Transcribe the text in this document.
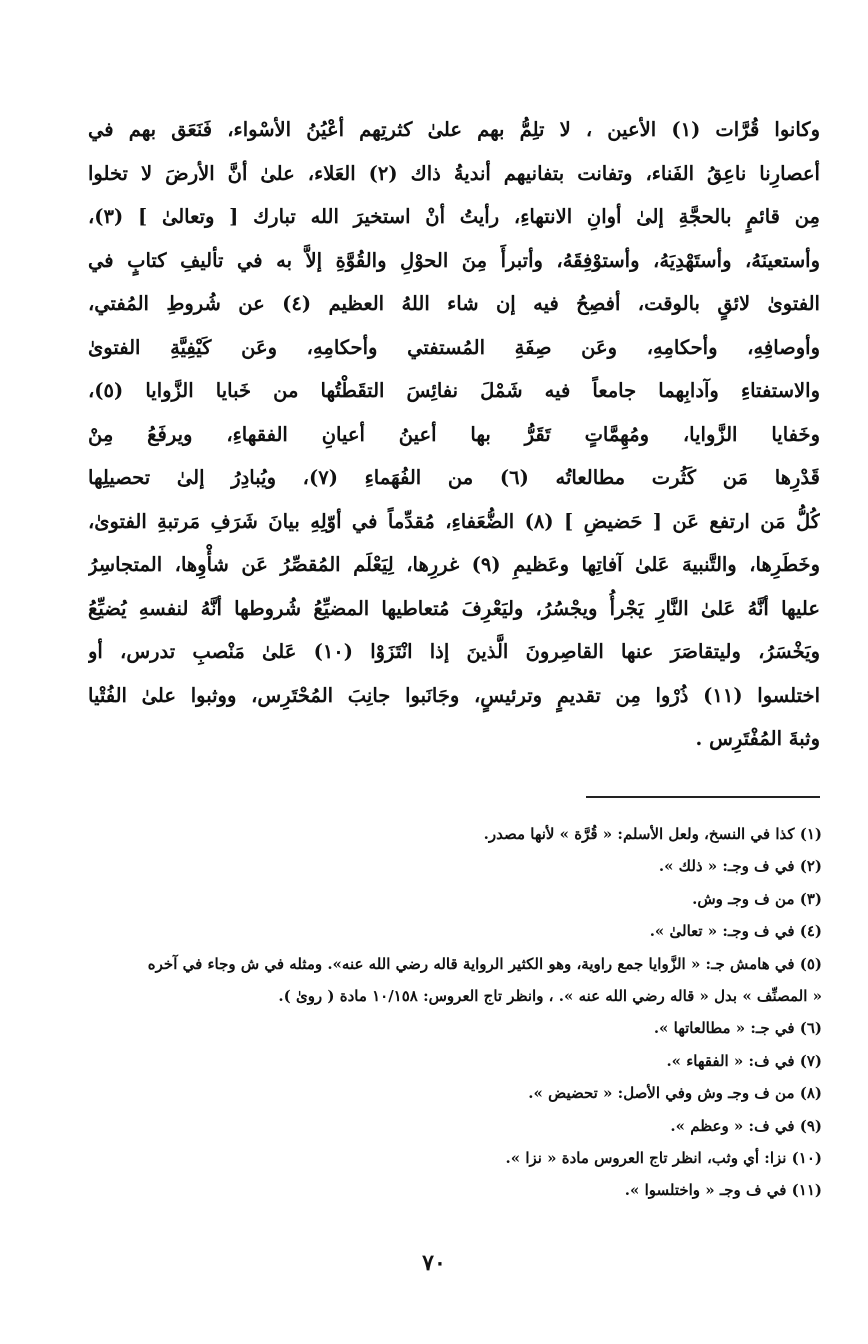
وكانوا قُرَّات (١) الأعين ، لا تلِمُّ بهم علىٰ كثرتِهم أعْيُنُ الأسْواء، فَنَعَق بهم في
أعصارِنا ناعِقُ الفَناء، وتفانت بتفانيهم أنديةُ ذاك (٢) العَلاء، علىٰ أنَّ الأرضَ لا تخلوا
مِن قائمٍ بالحجَّةِ إلىٰ أوانِ الانتهاءِ، رأيتُ أنْ استخيرَ الله تبارك [ وتعالىٰ ] (٣)،
وأستعينَهُ، وأستَهْدِيَهُ، وأستوْفِقَهُ، وأتبرأَ مِنَ الحوْلِ والقُوَّةِ إلاَّ به في تأليفِ كتابٍ في
الفتوىٰ لائقٍ بالوقت، أفصِحُ فيه إن شاء اللهُ العظيم (٤) عن شُروطِ المُفتي،
وأوصافِهِ، وأحكامِهِ، وعَن صِفَةِ المُستفتي وأحكامِهِ، وعَن كَيْفِيَّةِ الفتوىٰ
والاستفتاءِ وآدابِهما جامعاً فيه شَمْلَ نفائِسَ التقَطْتُها من خَبايا الزَّوايا (٥)،
وخَفايا الزَّوايا، ومُهِمَّاتٍ تَقَرُّ بها أعينُ أعيانِ الفقهاءِ، ويرفَعُ مِنْ
قَدْرِها مَن كَثُرت مطالعاتُه (٦) من الفُهَماءِ (٧)، ويُبادِرُ إلىٰ تحصيلِها
كُلُّ مَن ارتفع عَن [ حَضيضِ ] (٨) الضُّعَفاءِ، مُقدِّماً في أوّلِهِ بيانَ شَرَفِ مَرتبةِ الفتوىٰ،
وخَطَرِها، والتَّنبيهَ عَلىٰ آفاتِها وعَظيمِ (٩) غررِها، لِيَعْلَم المُقصِّرُ عَن شأْوِها، المتجاسِرُ
عليها أنَّهُ عَلىٰ النَّارِ يَجْرأُ ويجْسُرُ، وليَعْرِفَ مُتعاطيها المضيِّعُ شُروطها أنَّهُ لنفسهِ يُضيِّعُ
ويَخْسَرُ، وليتقاصَرَ عنها القاصِرونَ الَّذينَ إذا انْتَزَوْا (١٠) عَلىٰ مَنْصبِ تدرس، أو
اختلسوا (١١) ذُرْوا مِن تقديمٍ وترئيسٍ، وجَانَبوا جانِبَ المُحْتَرِس، ووثبوا علىٰ الفُتْيا
وثبةَ المُفْتَرِس .
(١) كذا في النسخ، ولعل الأسلم: « قُرَّة » لأنها مصدر.
(٢) في ف وجـ: « ذلك ».
(٣) من ف وجـ وش.
(٤) في ف وجـ: « تعالىٰ ».
(٥) في هامش جـ: « الزَّوايا جمع راوية، وهو الكثير الرواية قاله رضي الله عنه». ومثله في ش وجاء في آخره
« المصنِّف » بدل « قاله رضي الله عنه ». ، وانظر تاج العروس: ١٠/١٥٨ مادة ( روىٰ ).
(٦) في جـ: « مطالعاتها ».
(٧) في ف: « الفقهاء ».
(٨) من ف وجـ وش وفي الأصل: « تحضيض ».
(٩) في ف: « وعظم ».
(١٠) نزا: أي وثب، انظر تاج العروس مادة « نزا ».
(١١) في ف وجـ « واختلسوا ».
٧٠
